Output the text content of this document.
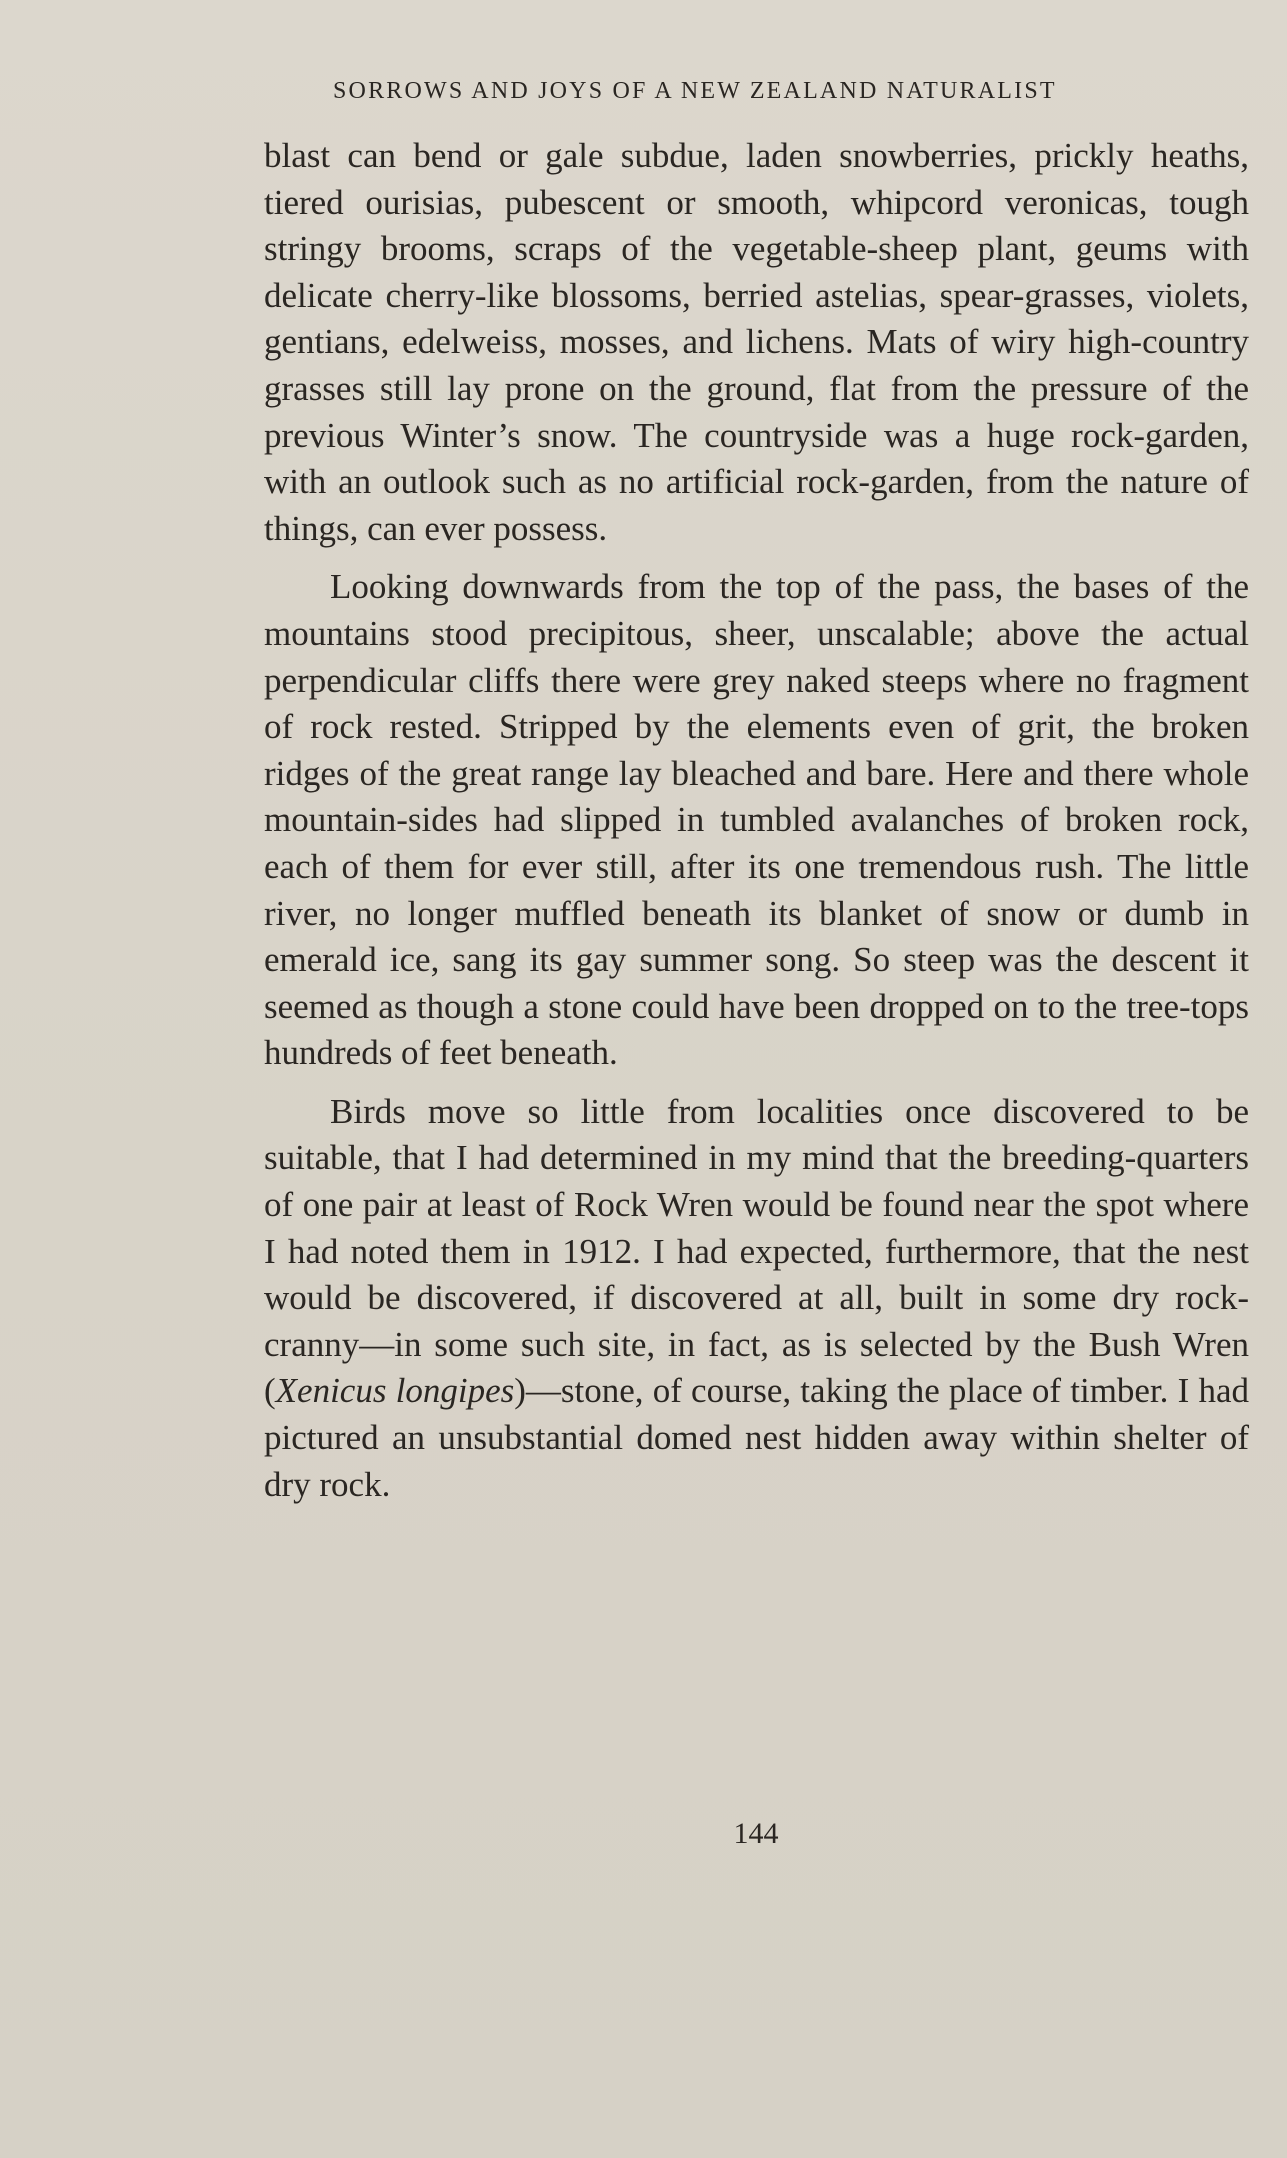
SORROWS AND JOYS OF A NEW ZEALAND NATURALIST

blast can bend or gale subdue, laden snowberries, prickly heaths, tiered ourisias, pubescent or smooth, whipcord veronicas, tough stringy brooms, scraps of the vegetable-sheep plant, geums with delicate cherry-like blossoms, berried astelias, spear-grasses, violets, gentians, edelweiss, mosses, and lichens. Mats of wiry high-country grasses still lay prone on the ground, flat from the pressure of the previous Winter’s snow. The countryside was a huge rock-garden, with an outlook such as no artificial rock-garden, from the nature of things, can ever possess.

Looking downwards from the top of the pass, the bases of the mountains stood precipitous, sheer, unscalable; above the actual perpendicular cliffs there were grey naked steeps where no fragment of rock rested. Stripped by the elements even of grit, the broken ridges of the great range lay bleached and bare. Here and there whole mountain-sides had slipped in tumbled avalanches of broken rock, each of them for ever still, after its one tremendous rush. The little river, no longer muffled beneath its blanket of snow or dumb in emerald ice, sang its gay summer song. So steep was the descent it seemed as though a stone could have been dropped on to the tree-tops hundreds of feet beneath.

Birds move so little from localities once discovered to be suitable, that I had determined in my mind that the breeding-quarters of one pair at least of Rock Wren would be found near the spot where I had noted them in 1912. I had expected, furthermore, that the nest would be discovered, if discovered at all, built in some dry rock-cranny—in some such site, in fact, as is selected by the Bush Wren (Xenicus longipes)—stone, of course, taking the place of timber. I had pictured an unsubstantial domed nest hidden away within shelter of dry rock.

144
